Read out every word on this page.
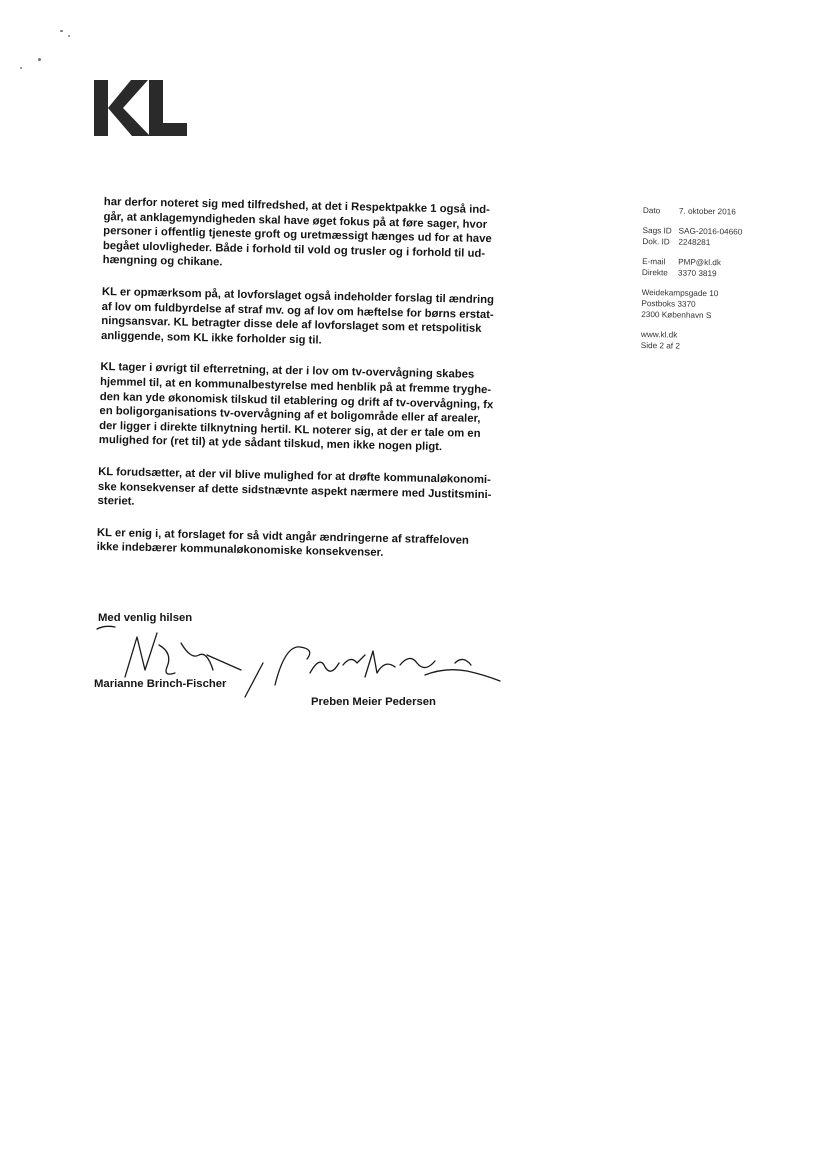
har derfor noteret sig med tilfredshed, at det i Respektpakke 1 også ind-
går, at anklagemyndigheden skal have øget fokus på at føre sager, hvor
personer i offentlig tjeneste groft og uretmæssigt hænges ud for at have
begået ulovligheder. Både i forhold til vold og trusler og i forhold til ud-
hængning og chikane.

KL er opmærksom på, at lovforslaget også indeholder forslag til ændring
af lov om fuldbyrdelse af straf mv. og af lov om hæftelse for børns erstat-
ningsansvar. KL betragter disse dele af lovforslaget som et retspolitisk
anliggende, som KL ikke forholder sig til.

KL tager i øvrigt til efterretning, at der i lov om tv-overvågning skabes
hjemmel til, at en kommunalbestyrelse med henblik på at fremme tryghe-
den kan yde økonomisk tilskud til etablering og drift af tv-overvågning, fx
en boligorganisations tv-overvågning af et boligområde eller af arealer,
der ligger i direkte tilknytning hertil. KL noterer sig, at der er tale om en
mulighed for (ret til) at yde sådant tilskud, men ikke nogen pligt.

KL forudsætter, at der vil blive mulighed for at drøfte kommunaløkonomi-
ske konsekvenser af dette sidstnævnte aspekt nærmere med Justitsmini-
steriet.

KL er enig i, at forslaget for så vidt angår ændringerne af straffeloven
ikke indebærer kommunaløkonomiske konsekvenser.

Dato	7. oktober 2016
Sags ID SAG-2016-04660
Dok. ID	2248281
E-mail	PMP@kl.dk
Direkte	3370 3819
Weidekampsgade 10
Postboks 3370
2300 København S
www.kl.dk
Side 2 af 2
Med venlig hilsen
Marianne Brinch-Fischer
Preben Meier Pedersen
